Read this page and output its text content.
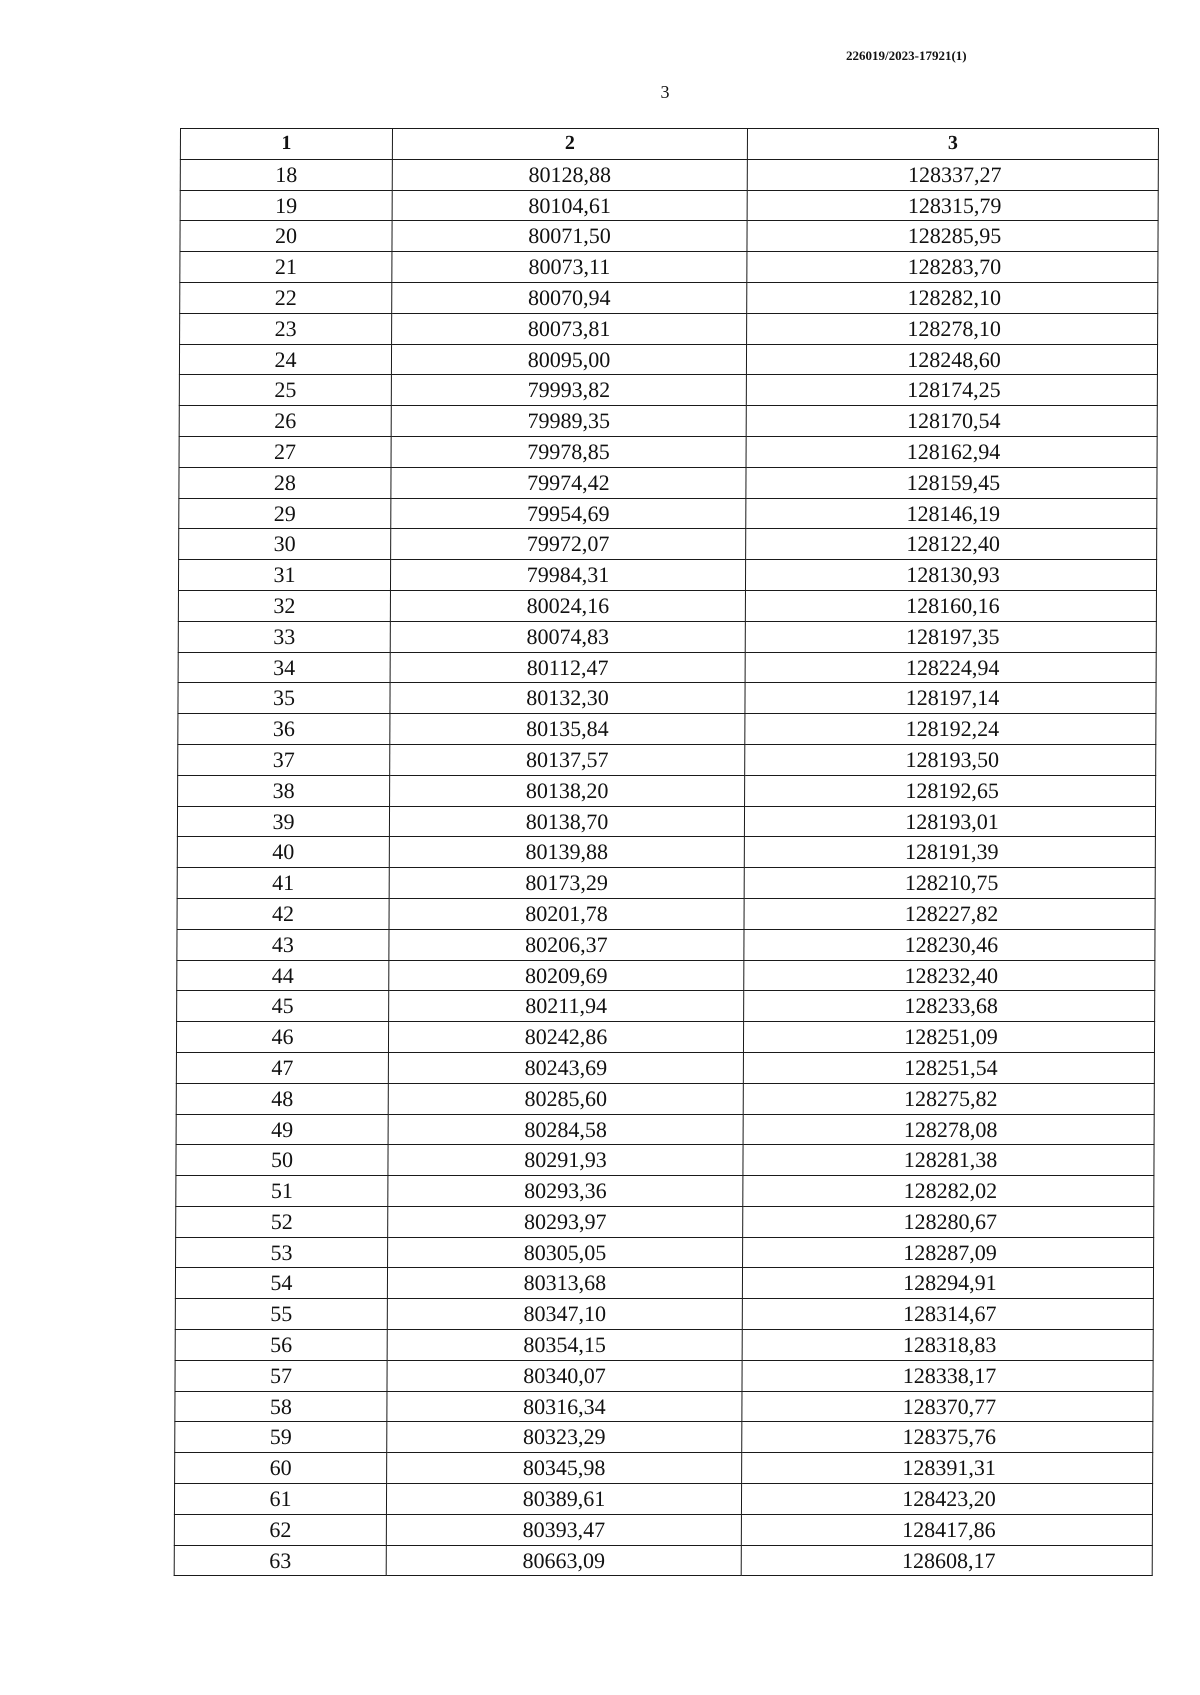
226019/2023-17921(1)
3
1	2	3
18	80128,88	128337,27
19	80104,61	128315,79
20	80071,50	128285,95
21	80073,11	128283,70
22	80070,94	128282,10
23	80073,81	128278,10
24	80095,00	128248,60
25	79993,82	128174,25
26	79989,35	128170,54
27	79978,85	128162,94
28	79974,42	128159,45
29	79954,69	128146,19
30	79972,07	128122,40
31	79984,31	128130,93
32	80024,16	128160,16
33	80074,83	128197,35
34	80112,47	128224,94
35	80132,30	128197,14
36	80135,84	128192,24
37	80137,57	128193,50
38	80138,20	128192,65
39	80138,70	128193,01
40	80139,88	128191,39
41	80173,29	128210,75
42	80201,78	128227,82
43	80206,37	128230,46
44	80209,69	128232,40
45	80211,94	128233,68
46	80242,86	128251,09
47	80243,69	128251,54
48	80285,60	128275,82
49	80284,58	128278,08
50	80291,93	128281,38
51	80293,36	128282,02
52	80293,97	128280,67
53	80305,05	128287,09
54	80313,68	128294,91
55	80347,10	128314,67
56	80354,15	128318,83
57	80340,07	128338,17
58	80316,34	128370,77
59	80323,29	128375,76
60	80345,98	128391,31
61	80389,61	128423,20
62	80393,47	128417,86
63	80663,09	128608,17
